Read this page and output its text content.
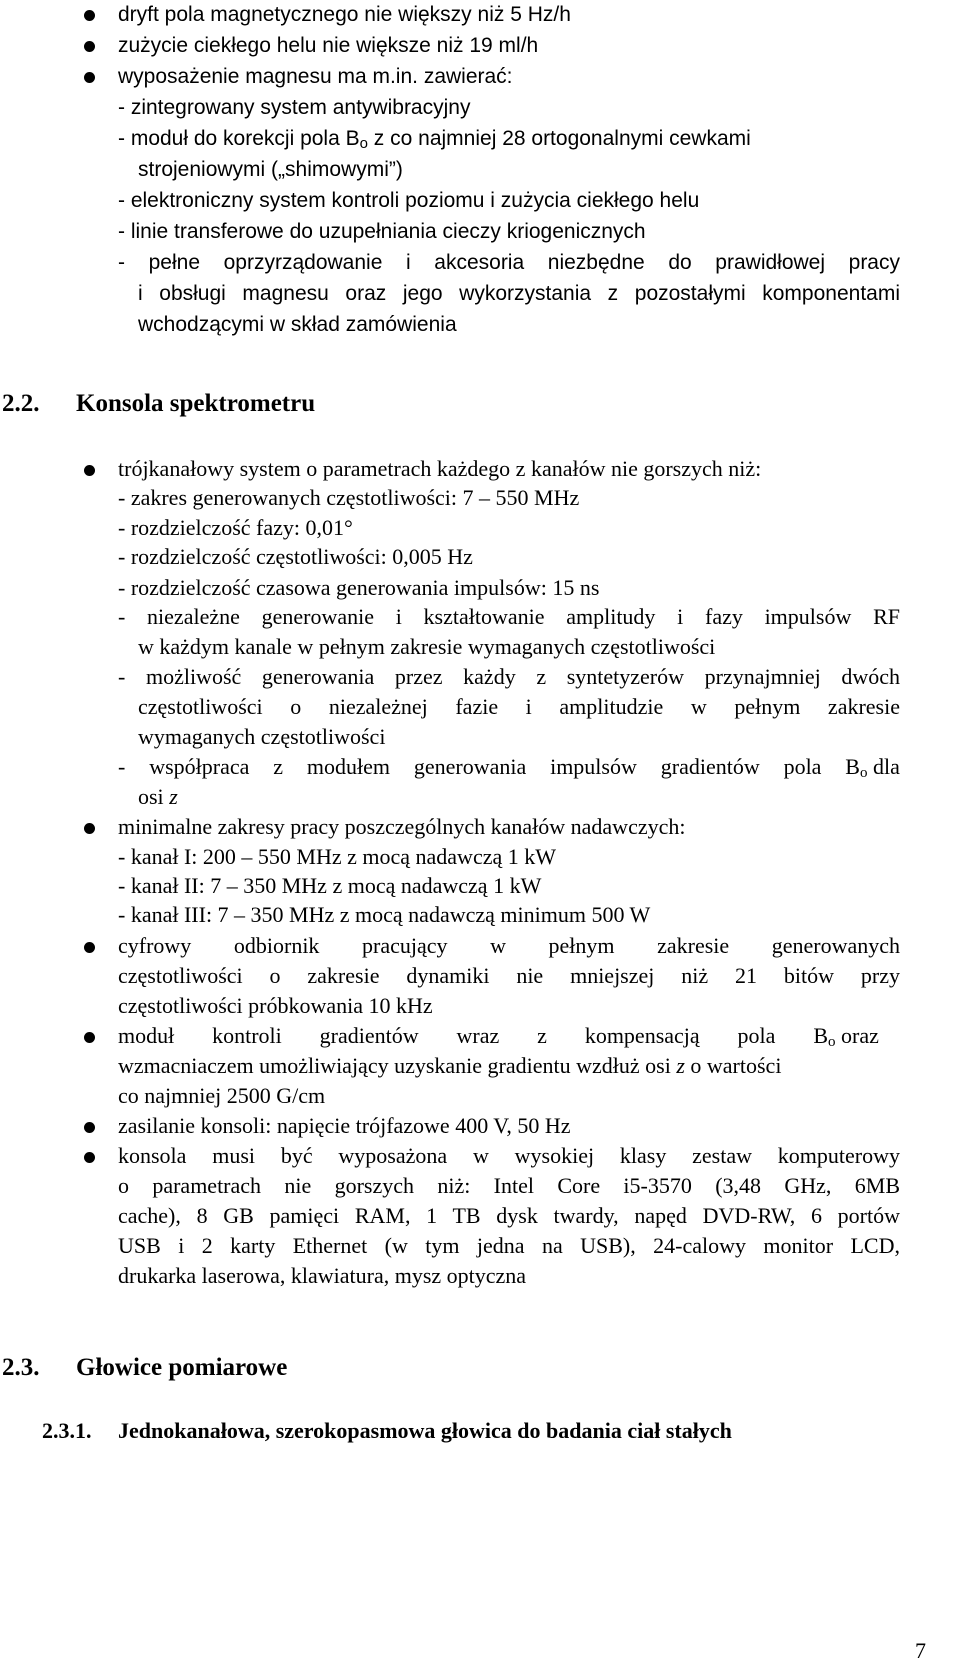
dryft pola magnetycznego nie większy niż 5 Hz/h
zużycie ciekłego helu nie większe niż 19 ml/h
wyposażenie magnesu ma m.in. zawierać:
- zintegrowany system antywibracyjny
- moduł do korekcji pola $B_o$ z co najmniej 28 ortogonalnymi cewkami
strojeniowymi („shimowymi”)
- elektroniczny system kontroli poziomu i zużycia ciekłego helu
- linie transferowe do uzupełniania cieczy kriogenicznych
- pełne oprzyrządowanie i akcesoria niezbędne do prawidłowej pracy
i obsługi magnesu oraz jego wykorzystania z pozostałymi komponentami
wchodzącymi w skład zamówienia
2.2. Konsola spektrometru
trójkanałowy system o parametrach każdego z kanałów nie gorszych niż:
- zakres generowanych częstotliwości: 7 – 550 MHz
- rozdzielczość fazy: 0,01°
- rozdzielczość częstotliwości: 0,005 Hz
- rozdzielczość czasowa generowania impulsów: 15 ns
- niezależne generowanie i kształtowanie amplitudy i fazy impulsów RF
w każdym kanale w pełnym zakresie wymaganych częstotliwości
- możliwość generowania przez każdy z syntetyzerów przynajmniej dwóch
częstotliwości o niezależnej fazie i amplitudzie w pełnym zakresie
wymaganych częstotliwości
- współpraca z modułem generowania impulsów gradientów pola $B_o$ dla
osi z
minimalne zakresy pracy poszczególnych kanałów nadawczych:
- kanał I: 200 – 550 MHz z mocą nadawczą 1 kW
- kanał II: 7 – 350 MHz z mocą nadawczą 1 kW
- kanał III: 7 – 350 MHz z mocą nadawczą minimum 500 W
cyfrowy odbiornik pracujący w pełnym zakresie generowanych
częstotliwości o zakresie dynamiki nie mniejszej niż 21 bitów przy
częstotliwości próbkowania 10 kHz
moduł kontroli gradientów wraz z kompensacją pola $B_o$ oraz
wzmacniaczem umożliwiający uzyskanie gradientu wzdłuż osi z o wartości
co najmniej 2500 G/cm
zasilanie konsoli: napięcie trójfazowe 400 V, 50 Hz
konsola musi być wyposażona w wysokiej klasy zestaw komputerowy
o parametrach nie gorszych niż: Intel Core i5-3570 (3,48 GHz, 6MB
cache), 8 GB pamięci RAM, 1 TB dysk twardy, napęd DVD-RW, 6 portów
USB i 2 karty Ethernet (w tym jedna na USB), 24-calowy monitor LCD,
drukarka laserowa, klawiatura, mysz optyczna
2.3. Głowice pomiarowe
2.3.1. Jednokanałowa, szerokopasmowa głowica do badania ciał stałych
7
